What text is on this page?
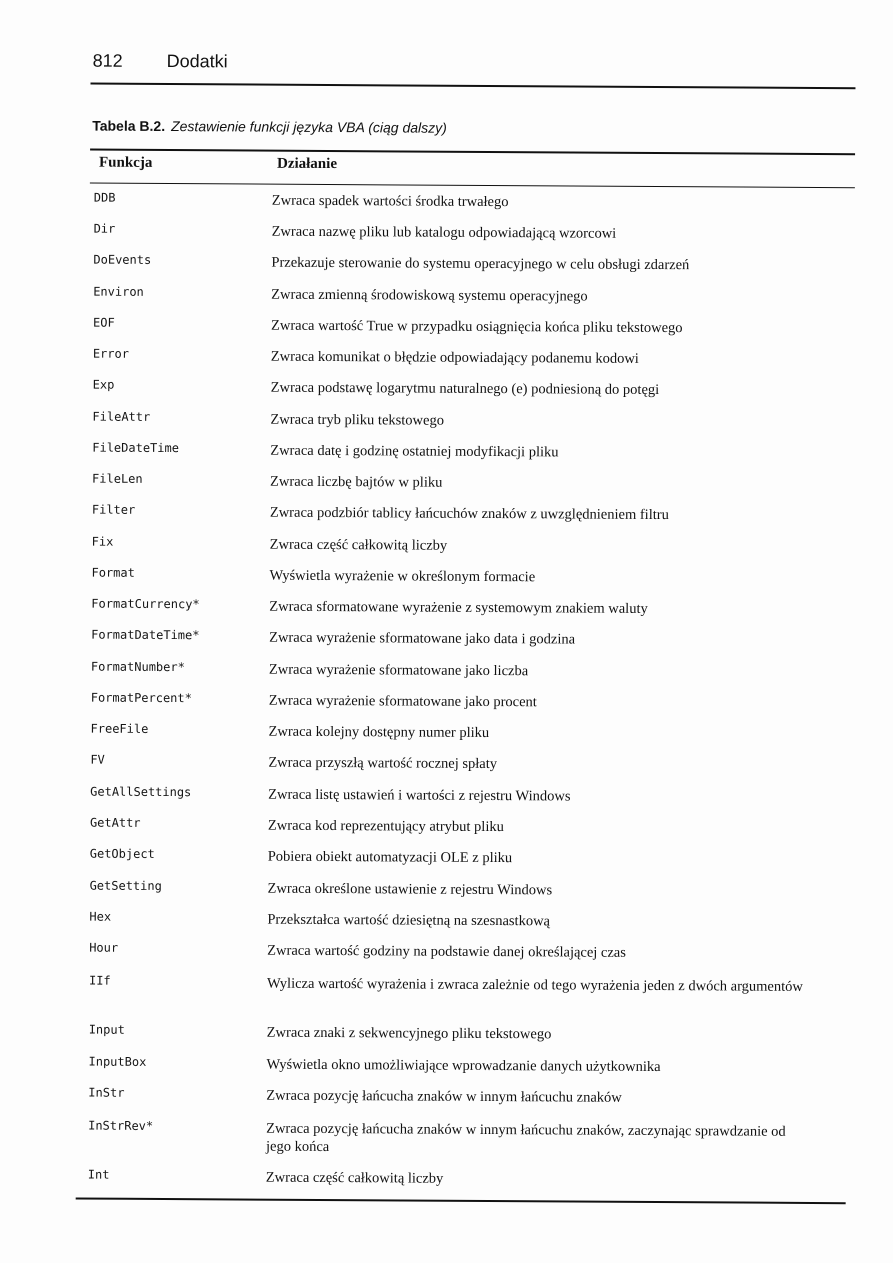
812 Dodatki
Tabela B.2. Zestawienie funkcji języka VBA (ciąg dalszy)
Funkcja	Działanie
DDB	Zwraca spadek wartości środka trwałego
Dir	Zwraca nazwę pliku lub katalogu odpowiadającą wzorcowi
DoEvents	Przekazuje sterowanie do systemu operacyjnego w celu obsługi zdarzeń
Environ	Zwraca zmienną środowiskową systemu operacyjnego
EOF	Zwraca wartość True w przypadku osiągnięcia końca pliku tekstowego
Error	Zwraca komunikat o błędzie odpowiadający podanemu kodowi
Exp	Zwraca podstawę logarytmu naturalnego (e) podniesioną do potęgi
FileAttr	Zwraca tryb pliku tekstowego
FileDateTime	Zwraca datę i godzinę ostatniej modyfikacji pliku
FileLen	Zwraca liczbę bajtów w pliku
Filter	Zwraca podzbiór tablicy łańcuchów znaków z uwzględnieniem filtru
Fix	Zwraca część całkowitą liczby
Format	Wyświetla wyrażenie w określonym formacie
FormatCurrency*	Zwraca sformatowane wyrażenie z systemowym znakiem waluty
FormatDateTime*	Zwraca wyrażenie sformatowane jako data i godzina
FormatNumber*	Zwraca wyrażenie sformatowane jako liczba
FormatPercent*	Zwraca wyrażenie sformatowane jako procent
FreeFile	Zwraca kolejny dostępny numer pliku
FV	Zwraca przyszłą wartość rocznej spłaty
GetAllSettings	Zwraca listę ustawień i wartości z rejestru Windows
GetAttr	Zwraca kod reprezentujący atrybut pliku
GetObject	Pobiera obiekt automatyzacji OLE z pliku
GetSetting	Zwraca określone ustawienie z rejestru Windows
Hex	Przekształca wartość dziesiętną na szesnastkową
Hour	Zwraca wartość godziny na podstawie danej określającej czas
IIf	Wylicza wartość wyrażenia i zwraca zależnie od tego wyrażenia jeden z dwóch argumentów
Input	Zwraca znaki z sekwencyjnego pliku tekstowego
InputBox	Wyświetla okno umożliwiające wprowadzanie danych użytkownika
InStr	Zwraca pozycję łańcucha znaków w innym łańcuchu znaków
InStrRev*	Zwraca pozycję łańcucha znaków w innym łańcuchu znaków, zaczynając sprawdzanie od jego końca
Int	Zwraca część całkowitą liczby
